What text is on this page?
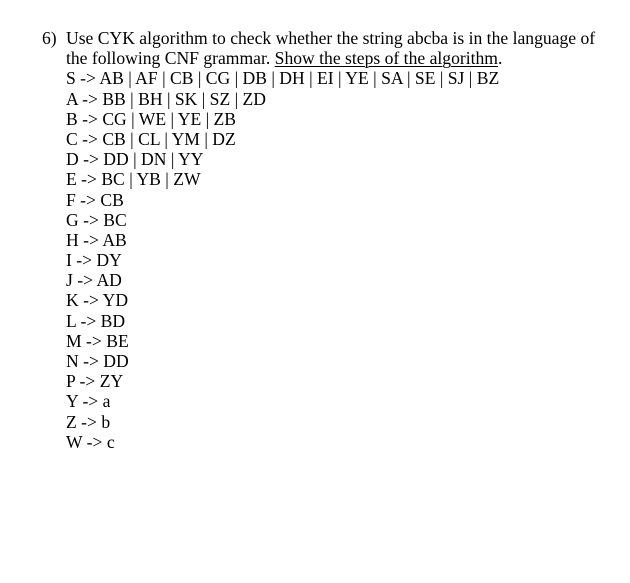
6) Use CYK algorithm to check whether the string abcba is in the language of
the following CNF grammar. Show the steps of the algorithm.
S -> AB | AF | CB | CG | DB | DH | EI | YE | SA | SE | SJ | BZ
A -> BB | BH | SK | SZ | ZD
B -> CG | WE | YE | ZB
C -> CB | CL | YM | DZ
D -> DD | DN | YY
E -> BC | YB | ZW
F -> CB
G -> BC
H -> AB
I -> DY
J -> AD
K -> YD
L -> BD
M -> BE
N -> DD
P -> ZY
Y -> a
Z -> b
W -> c
